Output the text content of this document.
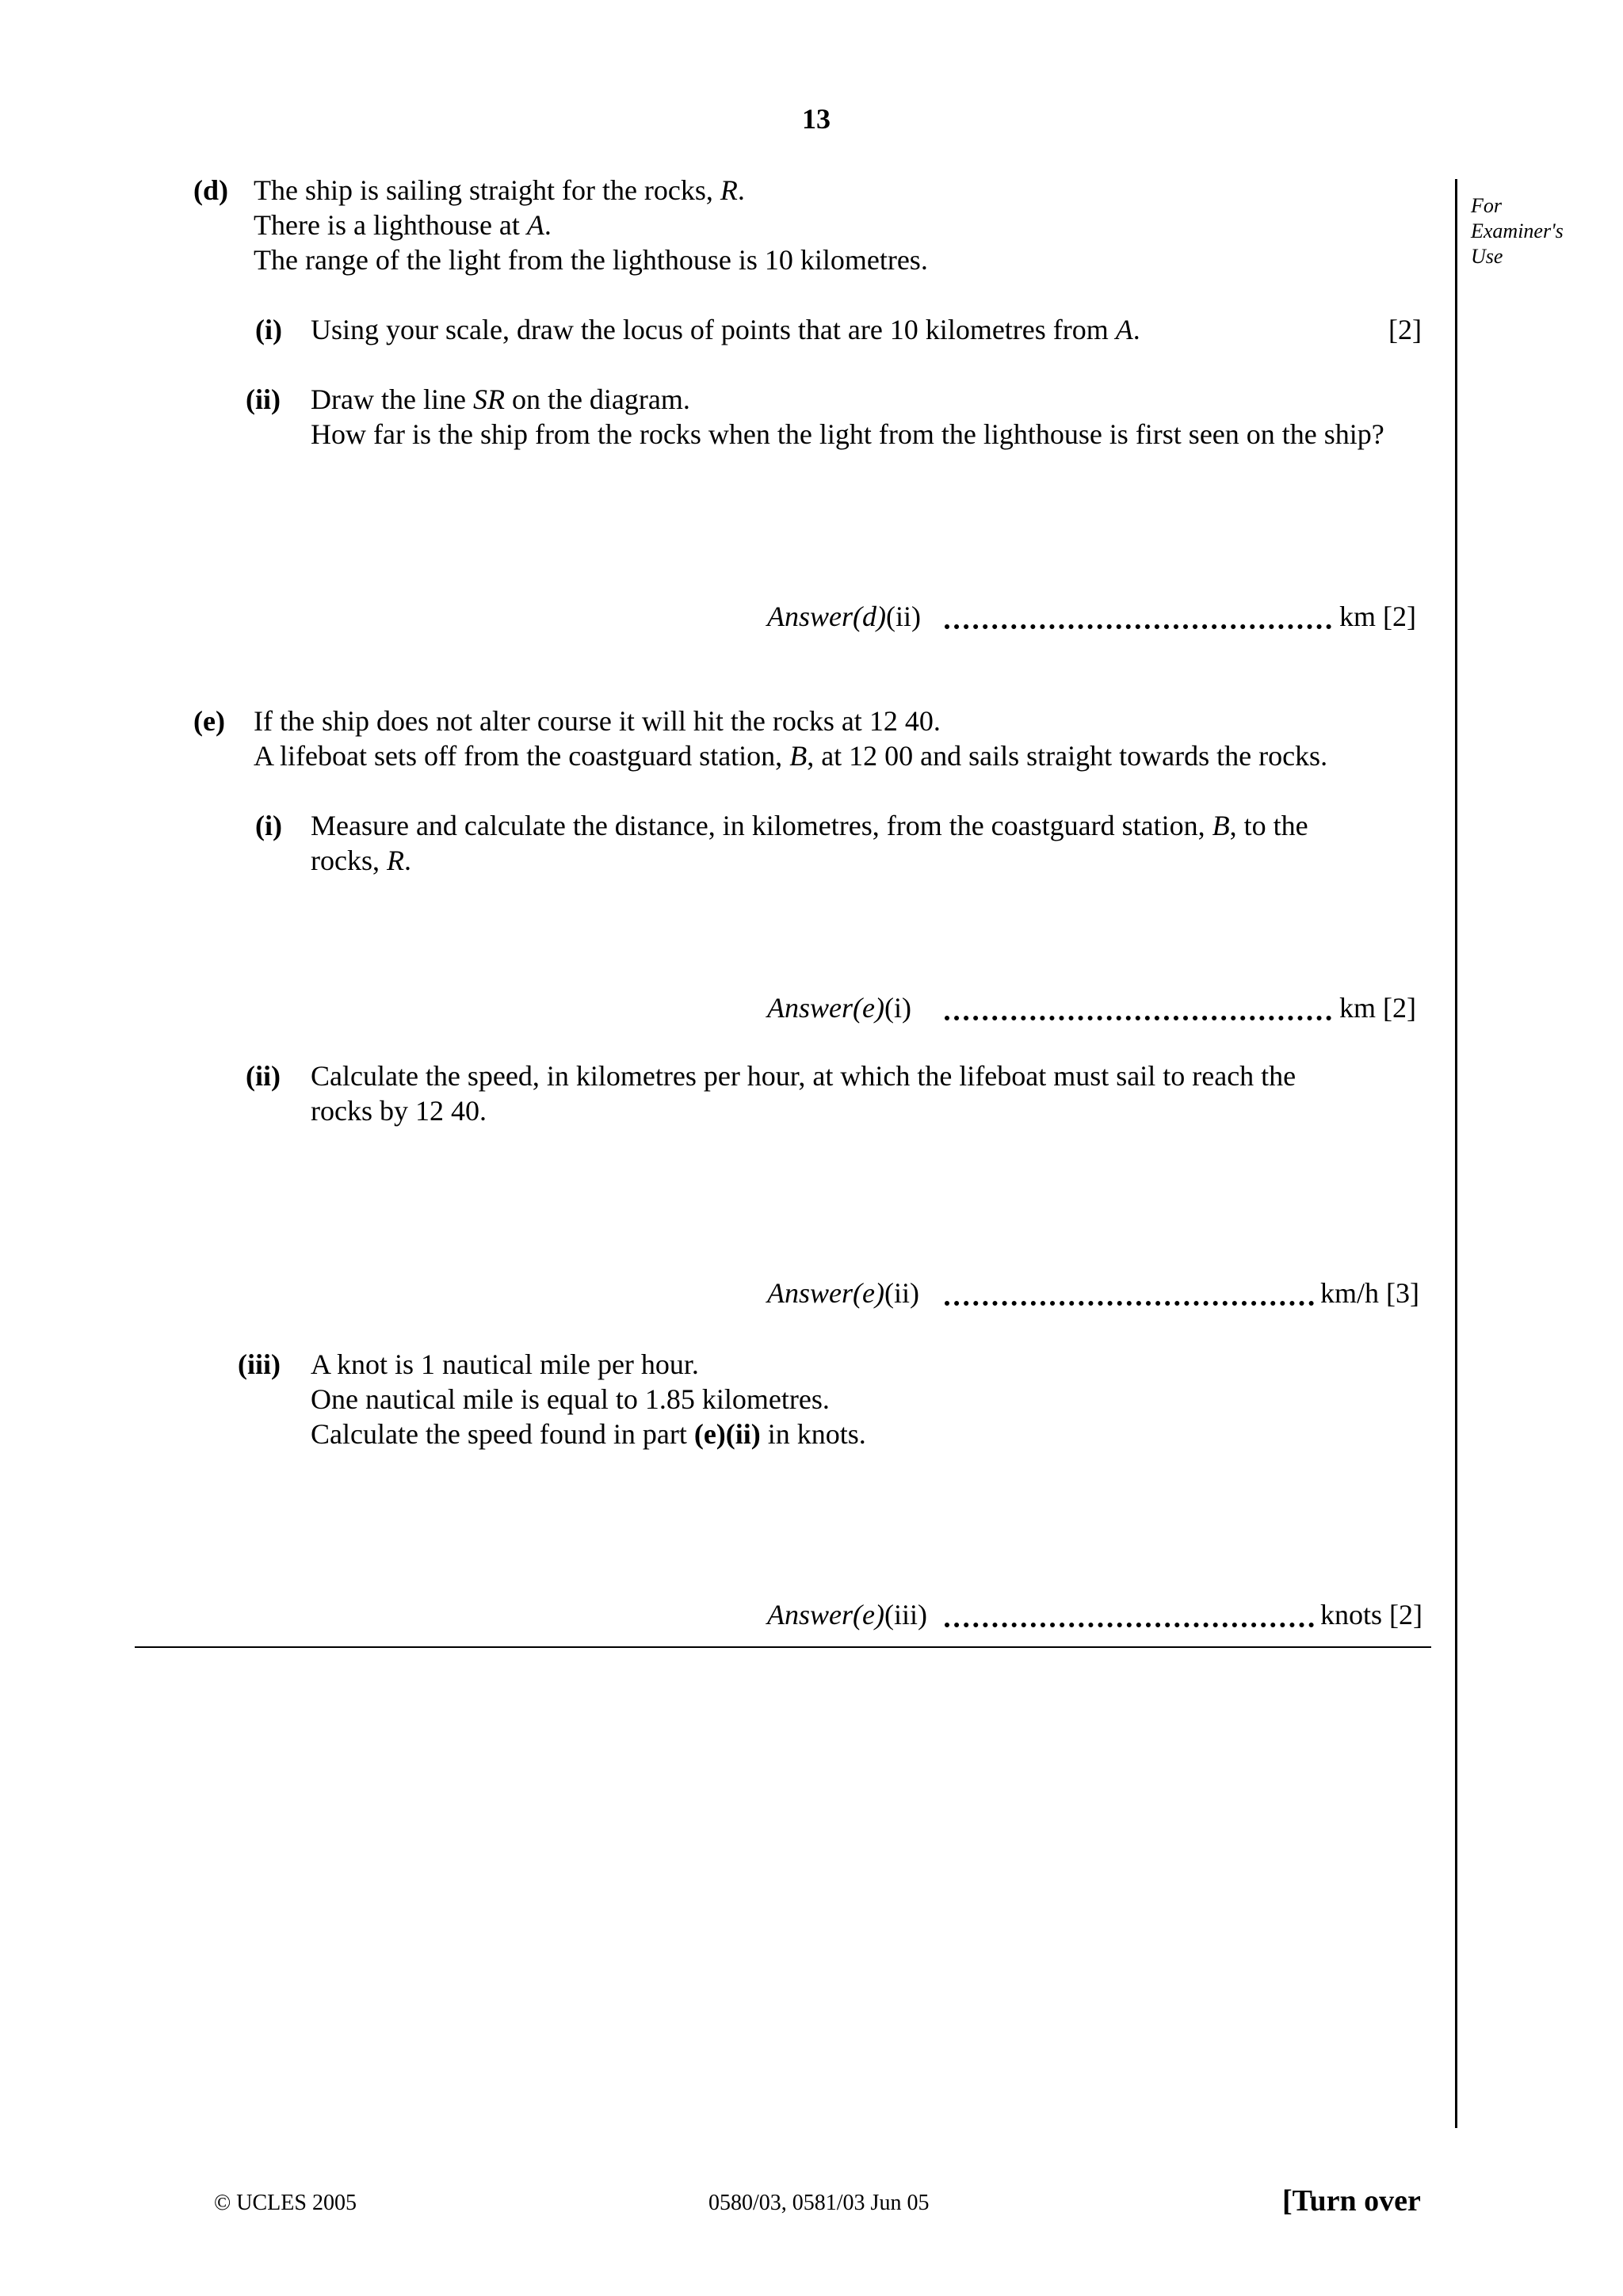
13
For
Examiner's
Use
(d) The ship is sailing straight for the rocks, R.
There is a lighthouse at A.
The range of the light from the lighthouse is 10 kilometres.
(i) Using your scale, draw the locus of points that are 10 kilometres from A.	[2]
(ii) Draw the line SR on the diagram.
How far is the ship from the rocks when the light from the lighthouse is first seen on the ship?
Answer(d)(ii)	km [2]
(e) If the ship does not alter course it will hit the rocks at 12 40.
A lifeboat sets off from the coastguard station, B, at 12 00 and sails straight towards the rocks.
(i) Measure and calculate the distance, in kilometres, from the coastguard station, B, to the
rocks, R.
Answer(e)(i)	km [2]
(ii) Calculate the speed, in kilometres per hour, at which the lifeboat must sail to reach the
rocks by 12 40.
Answer(e)(ii)	km/h [3]
(iii) A knot is 1 nautical mile per hour.
One nautical mile is equal to 1.85 kilometres.
Calculate the speed found in part (e)(ii) in knots.
Answer(e)(iii)	knots [2]
© UCLES 2005	0580/03, 0581/03 Jun 05	[Turn over
